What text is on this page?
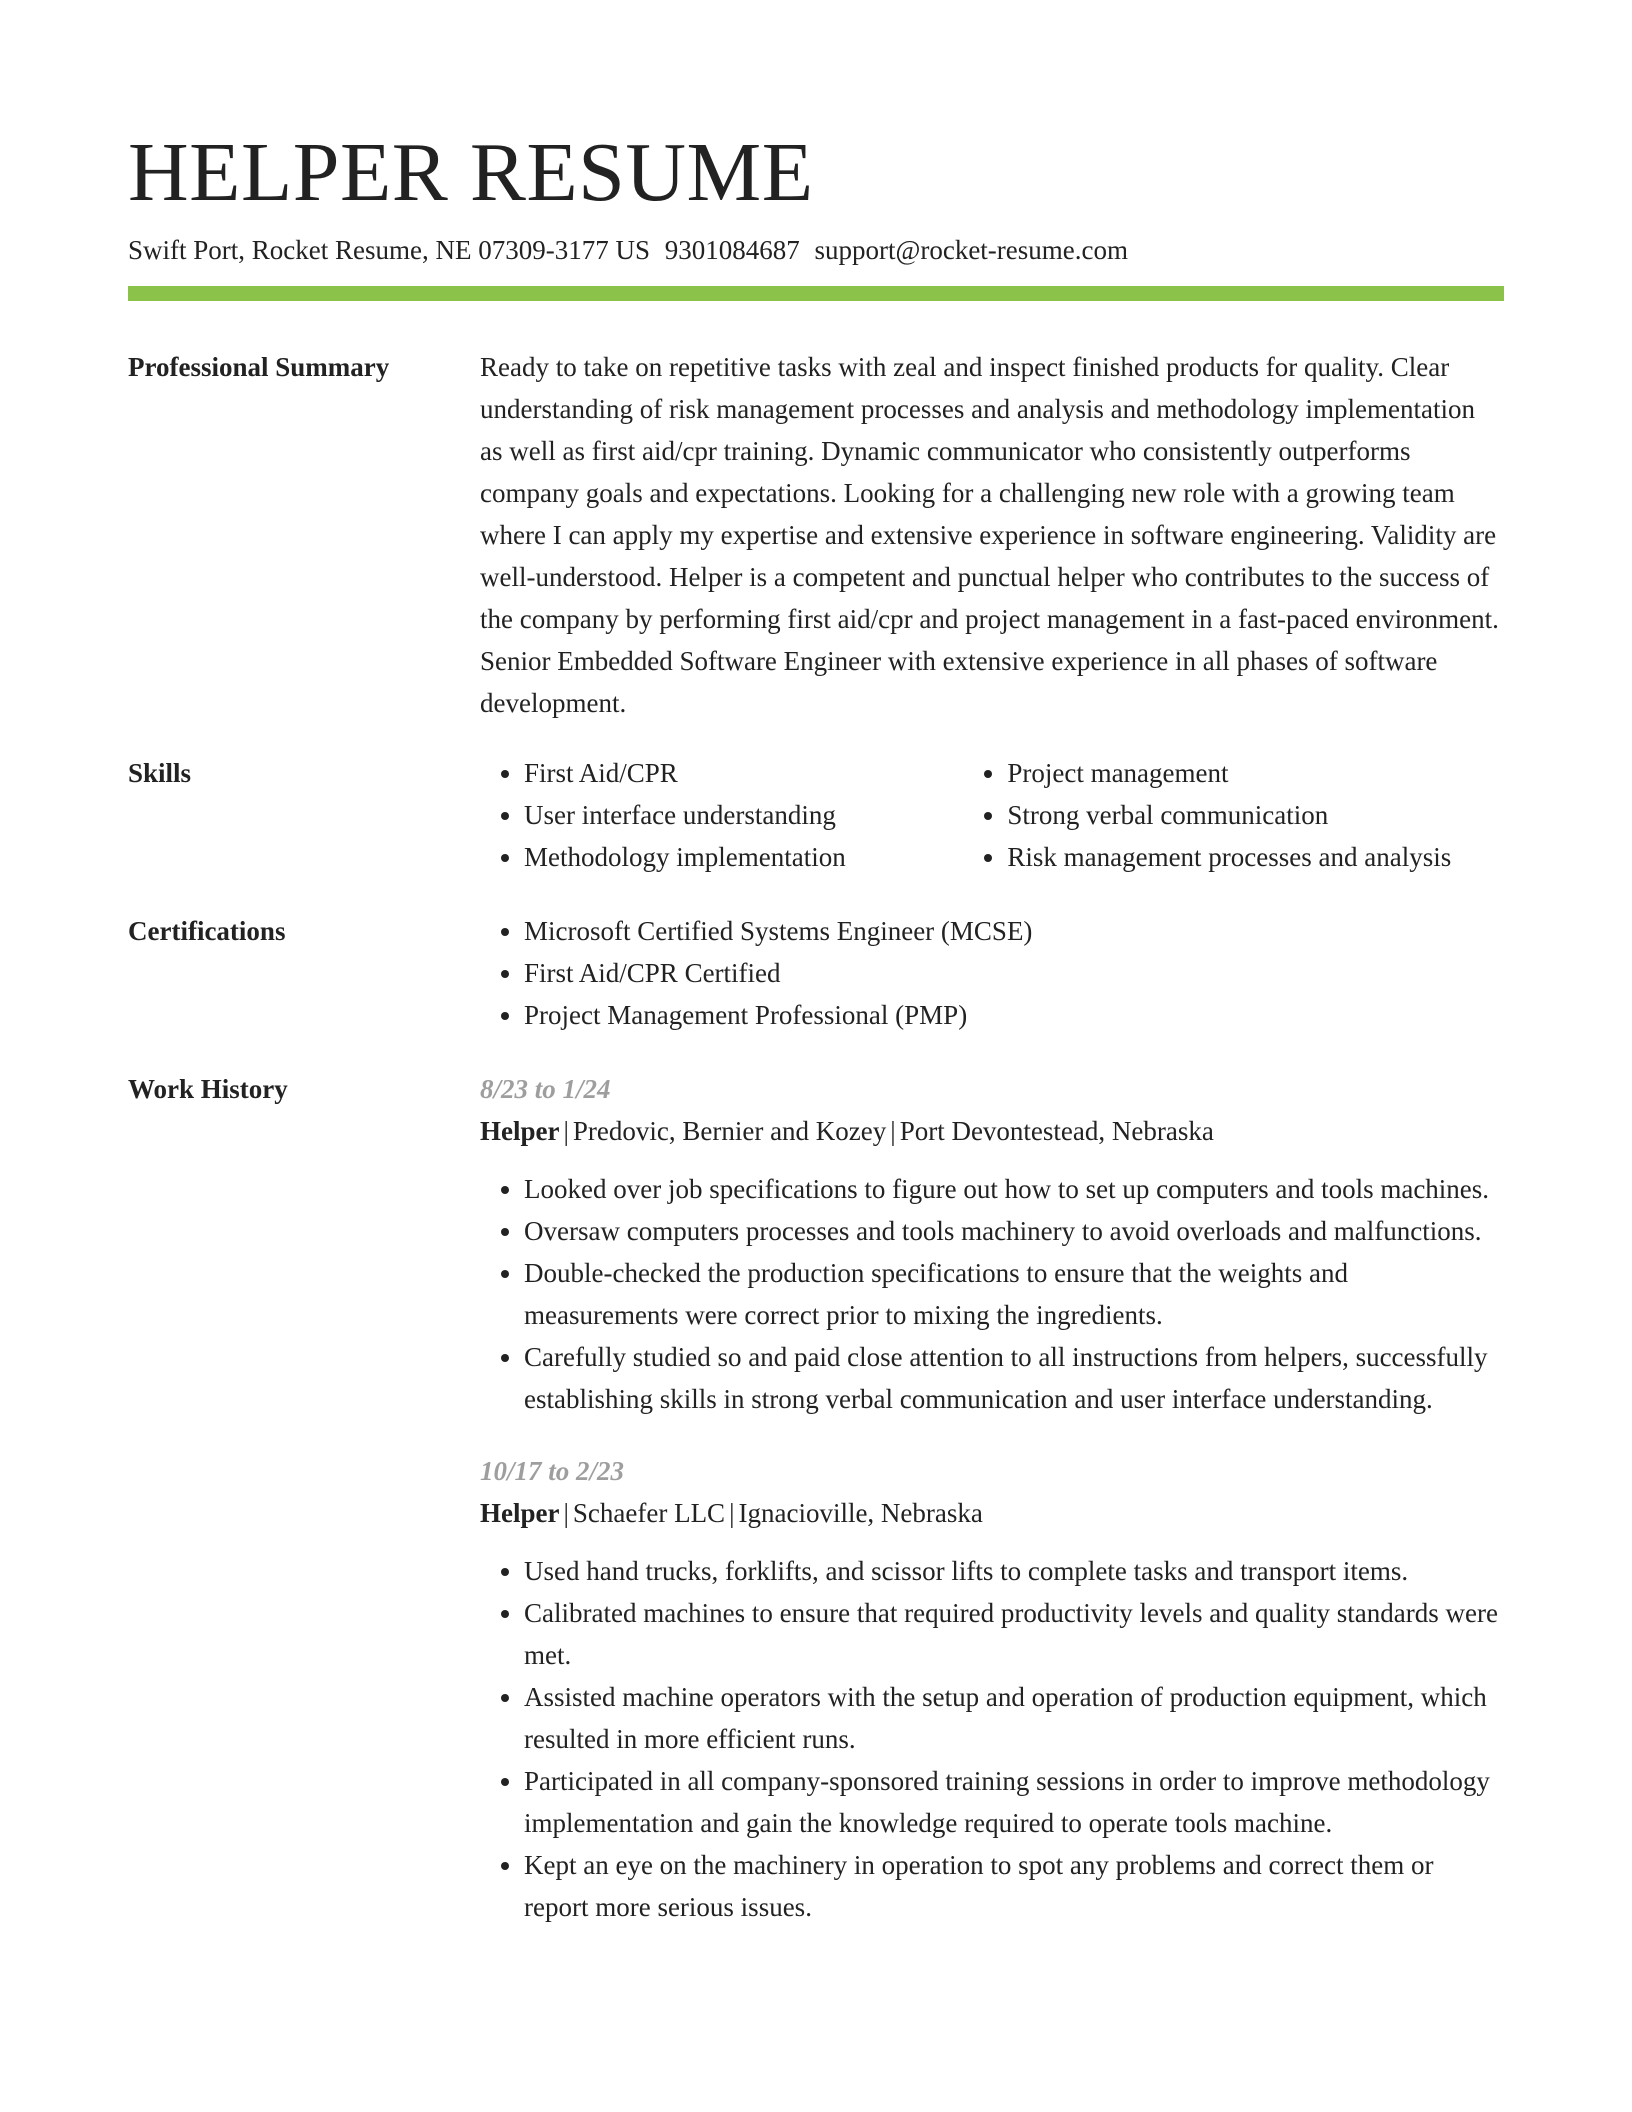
HELPER RESUME
Swift Port, Rocket Resume, NE 07309-3177 US 9301084687 support@rocket-resume.com
Professional Summary	Ready to take on repetitive tasks with zeal and inspect finished products for quality. Clear understanding of risk management processes and analysis and methodology implementation as well as first aid/cpr training. Dynamic communicator who consistently outperforms company goals and expectations. Looking for a challenging new role with a growing team where I can apply my expertise and extensive experience in software engineering. Validity are well-understood. Helper is a competent and punctual helper who contributes to the success of the company by performing first aid/cpr and project management in a fast-paced environment. Senior Embedded Software Engineer with extensive experience in all phases of software development.

Skills	• First Aid/CPR
• User interface understanding
• Methodology implementation
• Project management
• Strong verbal communication
• Risk management processes and analysis
Certifications	• Microsoft Certified Systems Engineer (MCSE)
• First Aid/CPR Certified
• Project Management Professional (PMP)
Work History	8/23 to 1/24
Helper | Predovic, Bernier and Kozey | Port Devontestead, Nebraska
• Looked over job specifications to figure out how to set up computers and tools machines.
• Oversaw computers processes and tools machinery to avoid overloads and malfunctions.
• Double-checked the production specifications to ensure that the weights and measurements were correct prior to mixing the ingredients.
• Carefully studied so and paid close attention to all instructions from helpers, successfully establishing skills in strong verbal communication and user interface understanding.
10/17 to 2/23
Helper | Schaefer LLC | Ignacioville, Nebraska
• Used hand trucks, forklifts, and scissor lifts to complete tasks and transport items.
• Calibrated machines to ensure that required productivity levels and quality standards were met.
• Assisted machine operators with the setup and operation of production equipment, which resulted in more efficient runs.
• Participated in all company-sponsored training sessions in order to improve methodology implementation and gain the knowledge required to operate tools machine.
• Kept an eye on the machinery in operation to spot any problems and correct them or report more serious issues.
